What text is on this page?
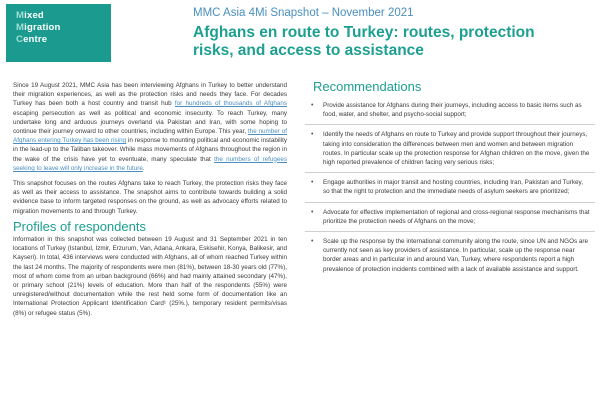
Mixed
Migration
Centre
MMC Asia 4Mi Snapshot – November 2021
Afghans en route to Turkey: routes, protection risks, and access to assistance

Since 19 August 2021, MMC Asia has been interviewing Afghans in Turkey to better understand their migration experiences, as well as the protection risks and needs they face. For decades Turkey has been both a host country and transit hub for hundreds of thousands of Afghans escaping persecution as well as political and economic insecurity. To reach Turkey, many undertake long and arduous journeys overland via Pakistan and Iran, with some hoping to continue their journey onward to other countries, including within Europe. This year, the number of Afghans entering Turkey has been rising in response to mounting political and economic instability in the lead-up to the Taliban takeover. While mass movements of Afghans throughout the region in the wake of the crisis have yet to eventuate, many speculate that the numbers of refugees seeking to leave will only increase in the future.

This snapshot focuses on the routes Afghans take to reach Turkey, the protection risks they face as well as their access to assistance. The snapshot aims to contribute towards building a solid evidence base to inform targeted responses on the ground, as well as advocacy efforts related to migration movements to and through Turkey.

Profiles of respondents

Information in this snapshot was collected between 19 August and 31 September 2021 in ten locations of Turkey (Istanbul, Izmir, Erzurum, Van, Adana, Ankara, Eskisehir, Konya, Balikesir, and Kayseri). In total, 436 interviews were conducted with Afghans, all of whom reached Turkey within the last 24 months. The majority of respondents were men (81%), between 18-30 years old (77%), most of whom come from an urban background (66%) and had mainly attained secondary (47%), or primary school (21%) levels of education. More than half of the respondents (55%) were unregistered/without documentation while the rest held some form of documentation like an International Protection Applicant Identification Card¹ (25%.), temporary resident permits/visas (8%) or refugee status (5%).

Recommendations
• Provide assistance for Afghans during their journeys, including access to basic items such as food, water, and shelter, and psycho-social support;
• Identify the needs of Afghans en route to Turkey and provide support throughout their journeys, taking into consideration the differences between men and women and between migration routes. In particular scale up the protection response for Afghan children on the move, given the high reported prevalence of children facing very serious risks;
• Engage authorities in major transit and hosting countries, including Iran, Pakistan and Turkey, so that the right to protection and the immediate needs of asylum seekers are prioritized;
• Advocate for effective implementation of regional and cross-regional response mechanisms that prioritize the protection needs of Afghans on the move;
• Scale up the response by the international community along the route, since UN and NGOs are currently not seen as key providers of assistance. In particular, scale up the response near border areas and in particular in and around Van, Turkey, where respondents report a high prevalence of protection incidents combined with a lack of available assistance and support.
